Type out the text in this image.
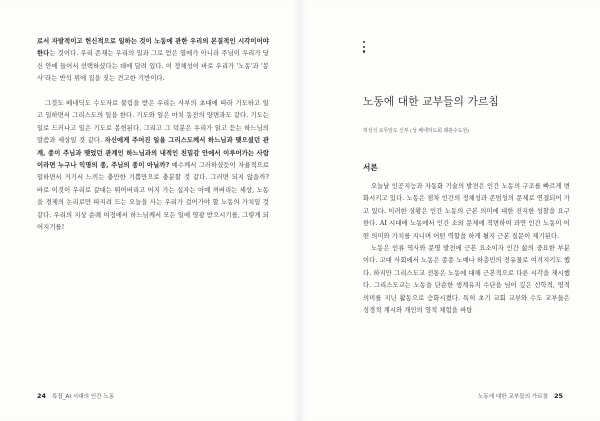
로서 자발적이고 헌신적으로 일하는 것이 노동에 관한 우리의 본질적인 시각이어야 한다는 것이다. 우리 존재는 우리의 일과 그로 얻은 열매가 아니라 주님이 우리가 당신 안에 들어서 선택하셨다는 데에 달려 있다. 이 정체성이 바로 우리가 '노동'과 '봉사'라는 반석 위에 집을 짓는 견고한 기반이다.

그것도 베네딕도 수도자로 불림을 받은 우리는 사부의 초대에 따라 기도하고 일고 일하면서 그리스도의 일을 한다. 기도와 일은 마치 동전의 양면과도 같다. 기도는 일로 드러나고 일은 기도로 봉헌된다. 그리고 그 덕분은 우리가 읽고 듣는 하느님의 말씀과 세상일 것 같다. 자신에게 주어진 일을 그리스도께서 하느님과 맺으셨던 관계, 종이 주님과 맺었던 관계인 하느님과의 내적인 친밀감 안에서 이루어가는 사람이라면 누구나 익명의 종, 주님의 종이 아닐까? 예수께서 그러하셨듯이 자율적으로 일하면서 거기서 느끼는 충만한 기쁨만으로 충분할 것 같다. 그러면 되지 않을까? 바로 이것이 우리로 갈대는 뛰어버리고 어지 가는 십자는 아예 꺼버리는 세상, 노동을 경제의 논리로만 따지려 드는 오늘을 사는 우리가 걸어가야 할 노동의 가치일 것 같다. 우리의 지상 순례 여정에서 하느님께서 모든 일에 영광 받으시기를, 그렇게 되어지기를!

24 특집_AI 시대의 인간 노동
노동에 대한 교부들의 가르침
허성석 로무알도 신부 (성 베네딕도회 왜관수도원)
서론

오늘날 인공지능과 자동화 기술의 발전은 인간 노동의 구조를 빠르게 변화시키고 있다. 노동은 점차 인간의 정체성과 존엄성의 문제로 연결되어 가고 있다. 이러한 상황은 인간 노동의 근본 의미에 대한 진지한 성찰을 요구한다. AI 시대에 노동에서 인간 소외 문제에 직면하여 과연 인간 노동이 어떤 의미와 가치를 지니며 어떤 역할을 하게 될지 근본 질문이 제기된다.

노동은 인류 역사와 문명 발전에 근본 요소이자 인간 삶의 중요한 부분이다. 고대 사회에서 노동은 종종 노예나 하층민의 전유물로 여겨지기도 했다. 하지만 그리스도교 전통은 노동에 대해 근본적으로 다른 시각을 제시했다. 그리스도교는 노동을 단순한 생계유지 수단을 넘어 깊은 신학적, 영적 의미를 지닌 활동으로 승화시켰다. 특히 초기 교회 교부와 수도 교부들은 성경적 계시와 개인의 영적 체험을 바탕

노동에 대한 교부들의 가르침 25
